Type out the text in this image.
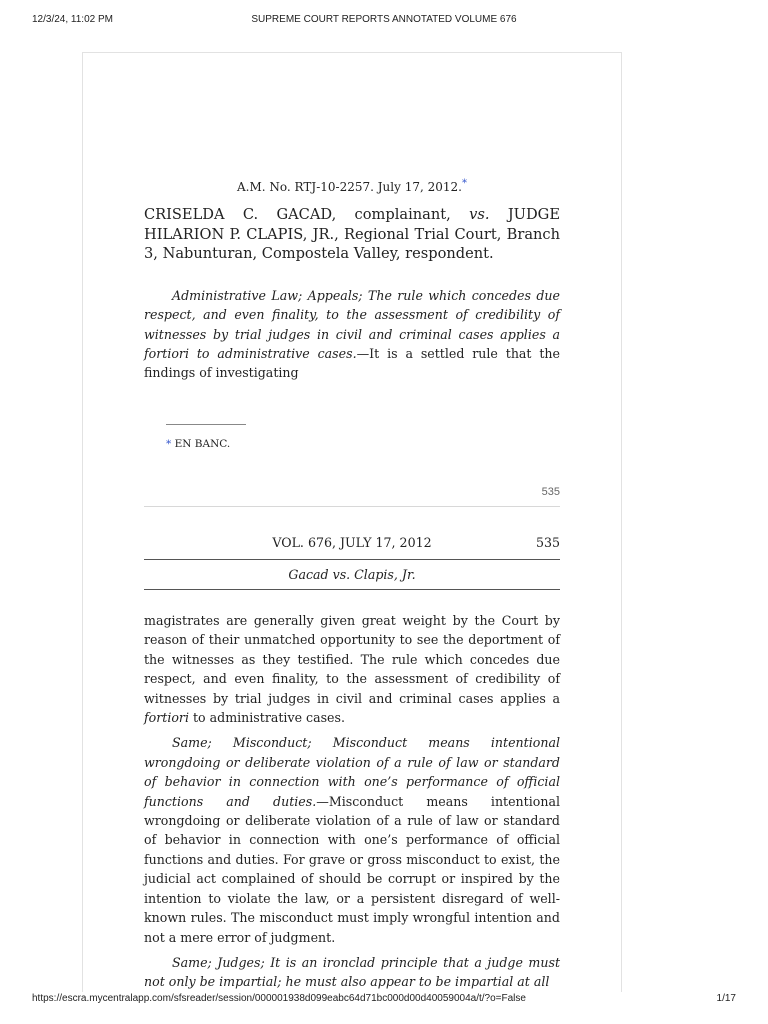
12/3/24, 11:02 PM	SUPREME COURT REPORTS ANNOTATED VOLUME 676
A.M. No. RTJ-10-2257. July 17, 2012.*
CRISELDA C. GACAD, complainant, vs. JUDGE HILARION P. CLAPIS, JR., Regional Trial Court, Branch 3, Nabunturan, Compostela Valley, respondent.

Administrative Law; Appeals; The rule which concedes due respect, and even finality, to the assessment of credibility of witnesses by trial judges in civil and criminal cases applies a fortiori to administrative cases.—It is a settled rule that the findings of investigating

* EN BANC.
535
VOL. 676, JULY 17, 2012	535
Gacad vs. Clapis, Jr.

magistrates are generally given great weight by the Court by reason of their unmatched opportunity to see the deportment of the witnesses as they testified. The rule which concedes due respect, and even finality, to the assessment of credibility of witnesses by trial judges in civil and criminal cases applies a fortiori to administrative cases.

Same; Misconduct; Misconduct means intentional wrongdoing or deliberate violation of a rule of law or standard of behavior in connection with one’s performance of official functions and duties.—Misconduct means intentional wrongdoing or deliberate violation of a rule of law or standard of behavior in connection with one’s performance of official functions and duties. For grave or gross misconduct to exist, the judicial act complained of should be corrupt or inspired by the intention to violate the law, or a persistent disregard of well-known rules. The misconduct must imply wrongful intention and not a mere error of judgment.

Same; Judges; It is an ironclad principle that a judge must not only be impartial; he must also appear to be impartial at all

https://escra.mycentralapp.com/sfsreader/session/000001938d099eabc64d71bc000d00d40059004a/t/?o=False	1/17
